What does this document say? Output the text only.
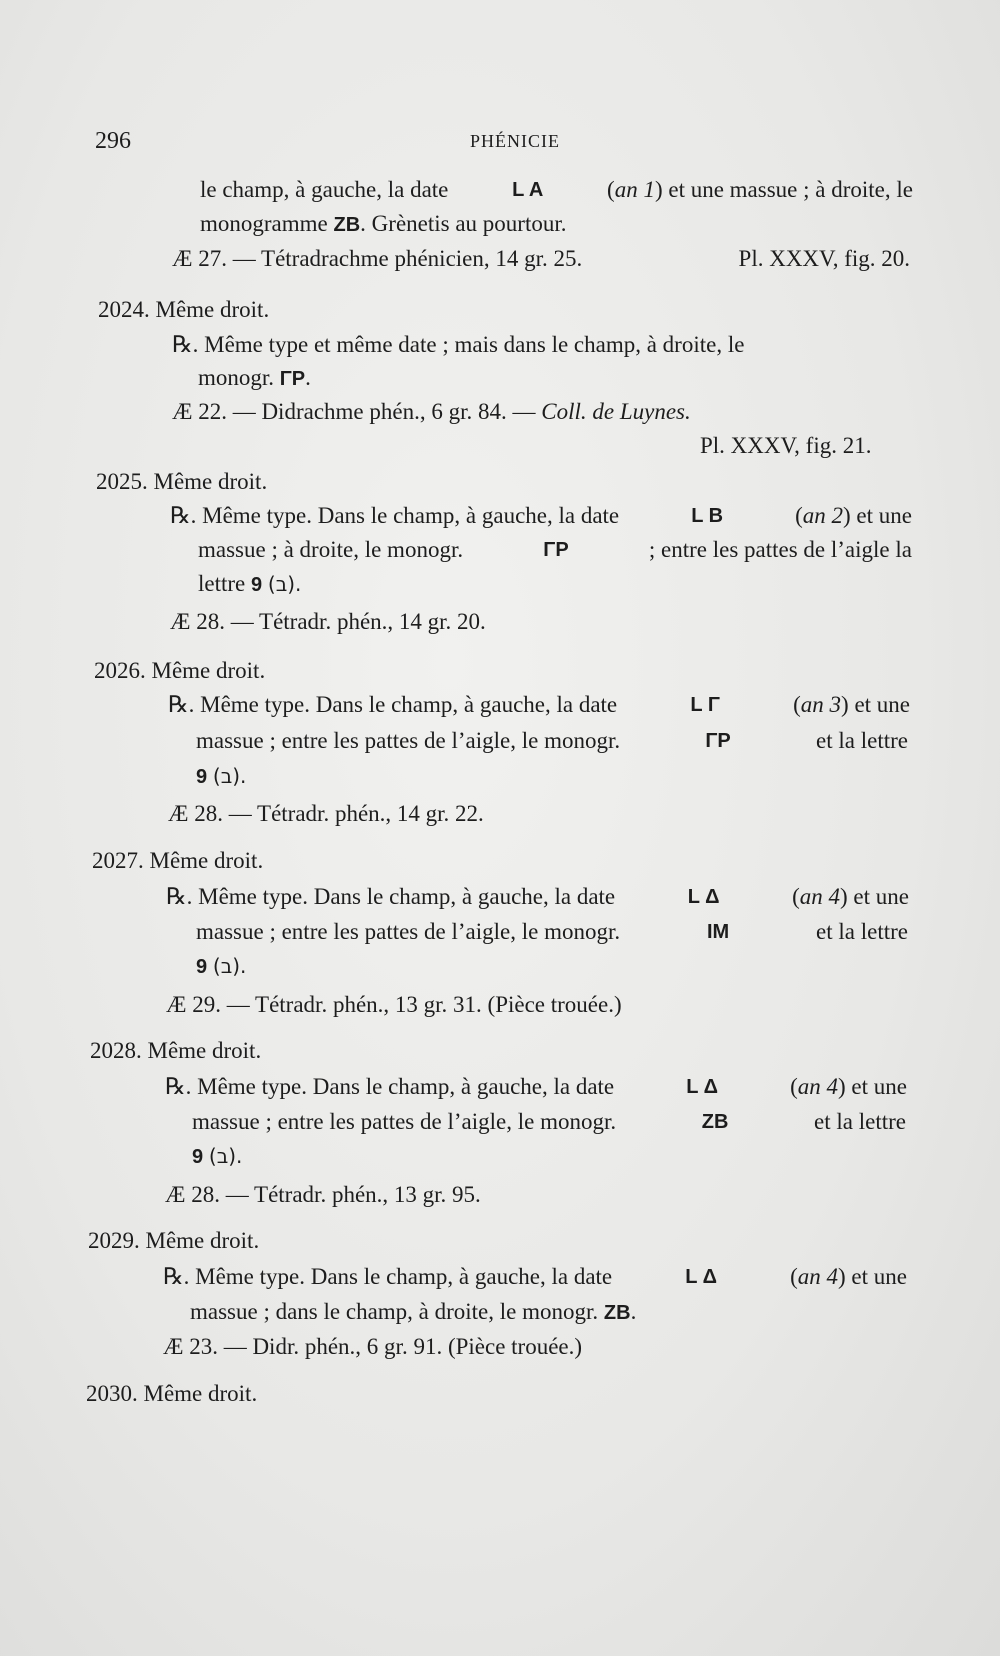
296	PHÉNICIE
le champ, à gauche, la date	L A	(an 1) et une massue ; à droite, le
monogramme ZB. Grènetis au pourtour.
Æ 27. — Tétradrachme phénicien, 14 gr. 25.	Pl. XXXV, fig. 20.
2024. Même droit.
℞. Même type et même date ; mais dans le champ, à droite, le
monogr. ΓP.
Æ 22. — Didrachme phén., 6 gr. 84. — Coll. de Luynes.
Pl. XXXV, fig. 21.
2025. Même droit.
℞. Même type. Dans le champ, à gauche, la date	L B	(an 2) et une
massue ; à droite, le monogr.	ΓP	; entre les pattes de l’aigle la
lettre 9 (ב).
Æ 28. — Tétradr. phén., 14 gr. 20.
2026. Même droit.
℞. Même type. Dans le champ, à gauche, la date	L Γ	(an 3) et une
massue ; entre les pattes de l’aigle, le monogr.	ΓP	et la lettre
9 (ב).
Æ 28. — Tétradr. phén., 14 gr. 22.
2027. Même droit.
℞. Même type. Dans le champ, à gauche, la date	L Δ	(an 4) et une
massue ; entre les pattes de l’aigle, le monogr.	IM	et la lettre
9 (ב).
Æ 29. — Tétradr. phén., 13 gr. 31. (Pièce trouée.)
2028. Même droit.
℞. Même type. Dans le champ, à gauche, la date	L Δ	(an 4) et une
massue ; entre les pattes de l’aigle, le monogr.	ZB	et la lettre
9 (ב).
Æ 28. — Tétradr. phén., 13 gr. 95.
2029. Même droit.
℞. Même type. Dans le champ, à gauche, la date	L Δ	(an 4) et une
massue ; dans le champ, à droite, le monogr. ZB.
Æ 23. — Didr. phén., 6 gr. 91. (Pièce trouée.)
2030. Même droit.
